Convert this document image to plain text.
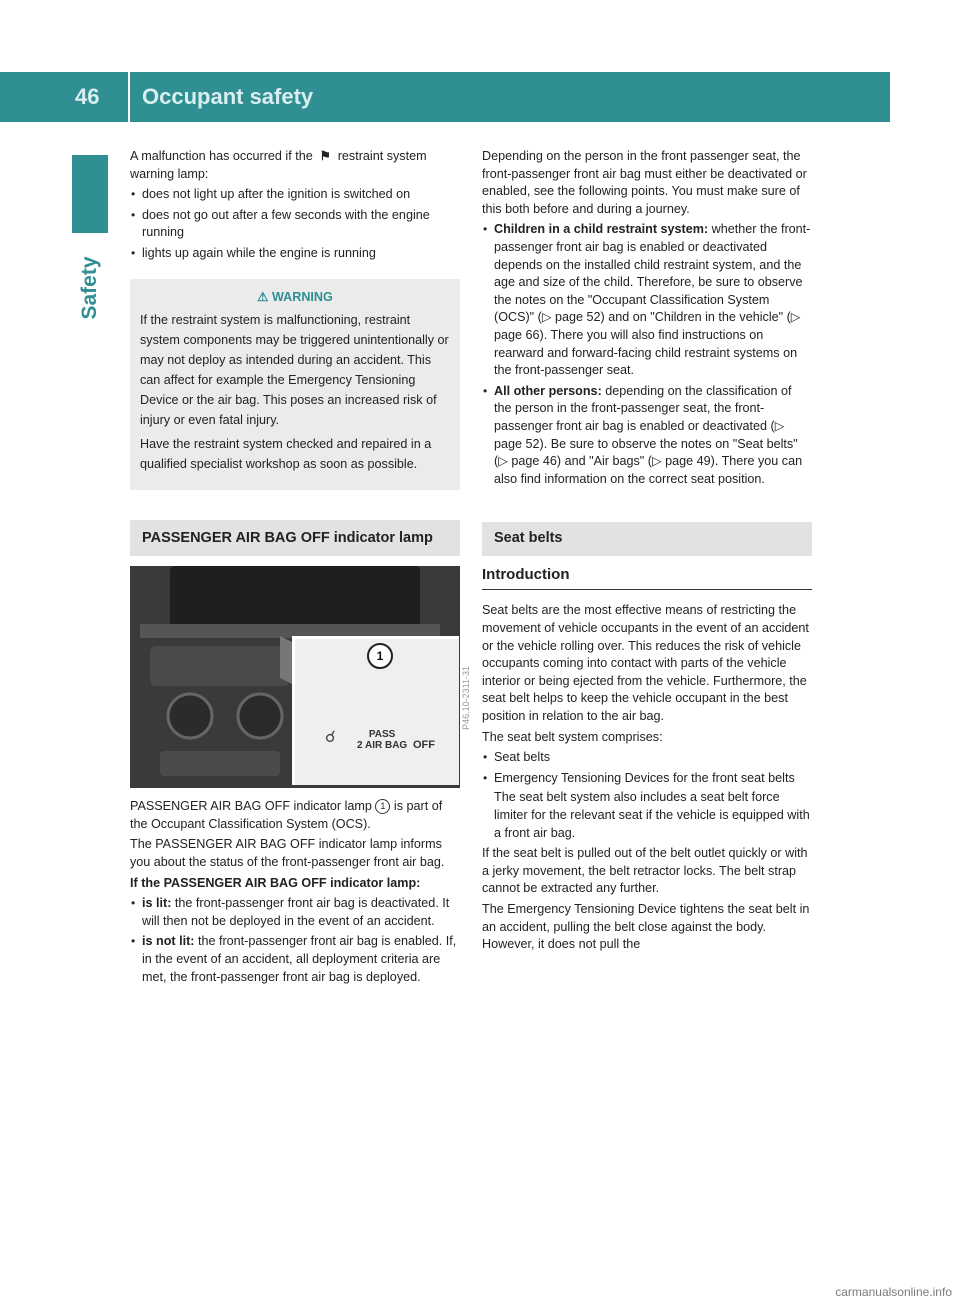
46 Occupant safety
Safety

A malfunction has occurred if the ⚑ restraint system warning lamp:

• does not light up after the ignition is switched on
• does not go out after a few seconds with the engine running
• lights up again while the engine is running
⚠ WARNING

If the restraint system is malfunctioning, restraint system components may be triggered unintentionally or may not deploy as intended during an accident. This can affect for example the Emergency Tensioning Device or the air bag. This poses an increased risk of injury or even fatal injury.

Have the restraint system checked and repaired in a qualified specialist workshop as soon as possible.

PASSENGER AIR BAG OFF indicator lamp
1
☌	PASS
2 AIR BAG OFF
P46.10-2311-31

PASSENGER AIR BAG OFF indicator lamp 1 is part of the Occupant Classification System (OCS).

The PASSENGER AIR BAG OFF indicator lamp informs you about the status of the front-passenger front air bag.

If the PASSENGER AIR BAG OFF indicator lamp:

• is lit: the front-passenger front air bag is deactivated. It will then not be deployed in the event of an accident.
• is not lit: the front-passenger front air bag is enabled. If, in the event of an accident, all deployment criteria are met, the front-passenger front air bag is deployed.

Depending on the person in the front passenger seat, the front-passenger front air bag must either be deactivated or enabled, see the following points. You must make sure of this both before and during a journey.

• Children in a child restraint system: whether the front-passenger front air bag is enabled or deactivated depends on the installed child restraint system, and the age and size of the child. Therefore, be sure to observe the notes on the "Occupant Classification System (OCS)" (▷ page 52) and on "Children in the vehicle" (▷ page 66). There you will also find instructions on rearward and forward-facing child restraint systems on the front-passenger seat.
• All other persons: depending on the classification of the person in the front-passenger seat, the front-passenger front air bag is enabled or deactivated (▷ page 52). Be sure to observe the notes on "Seat belts" (▷ page 46) and "Air bags" (▷ page 49). There you can also find information on the correct seat position.
Seat belts
Introduction

Seat belts are the most effective means of restricting the movement of vehicle occupants in the event of an accident or the vehicle rolling over. This reduces the risk of vehicle occupants coming into contact with parts of the vehicle interior or being ejected from the vehicle. Furthermore, the seat belt helps to keep the vehicle occupant in the best position in relation to the air bag.

The seat belt system comprises:

• Seat belts
• Emergency Tensioning Devices for the front seat belts

The seat belt system also includes a seat belt force limiter for the relevant seat if the vehicle is equipped with a front air bag.

If the seat belt is pulled out of the belt outlet quickly or with a jerky movement, the belt retractor locks. The belt strap cannot be extracted any further.

The Emergency Tensioning Device tightens the seat belt in an accident, pulling the belt close against the body. However, it does not pull the

carmanualsonline.info
